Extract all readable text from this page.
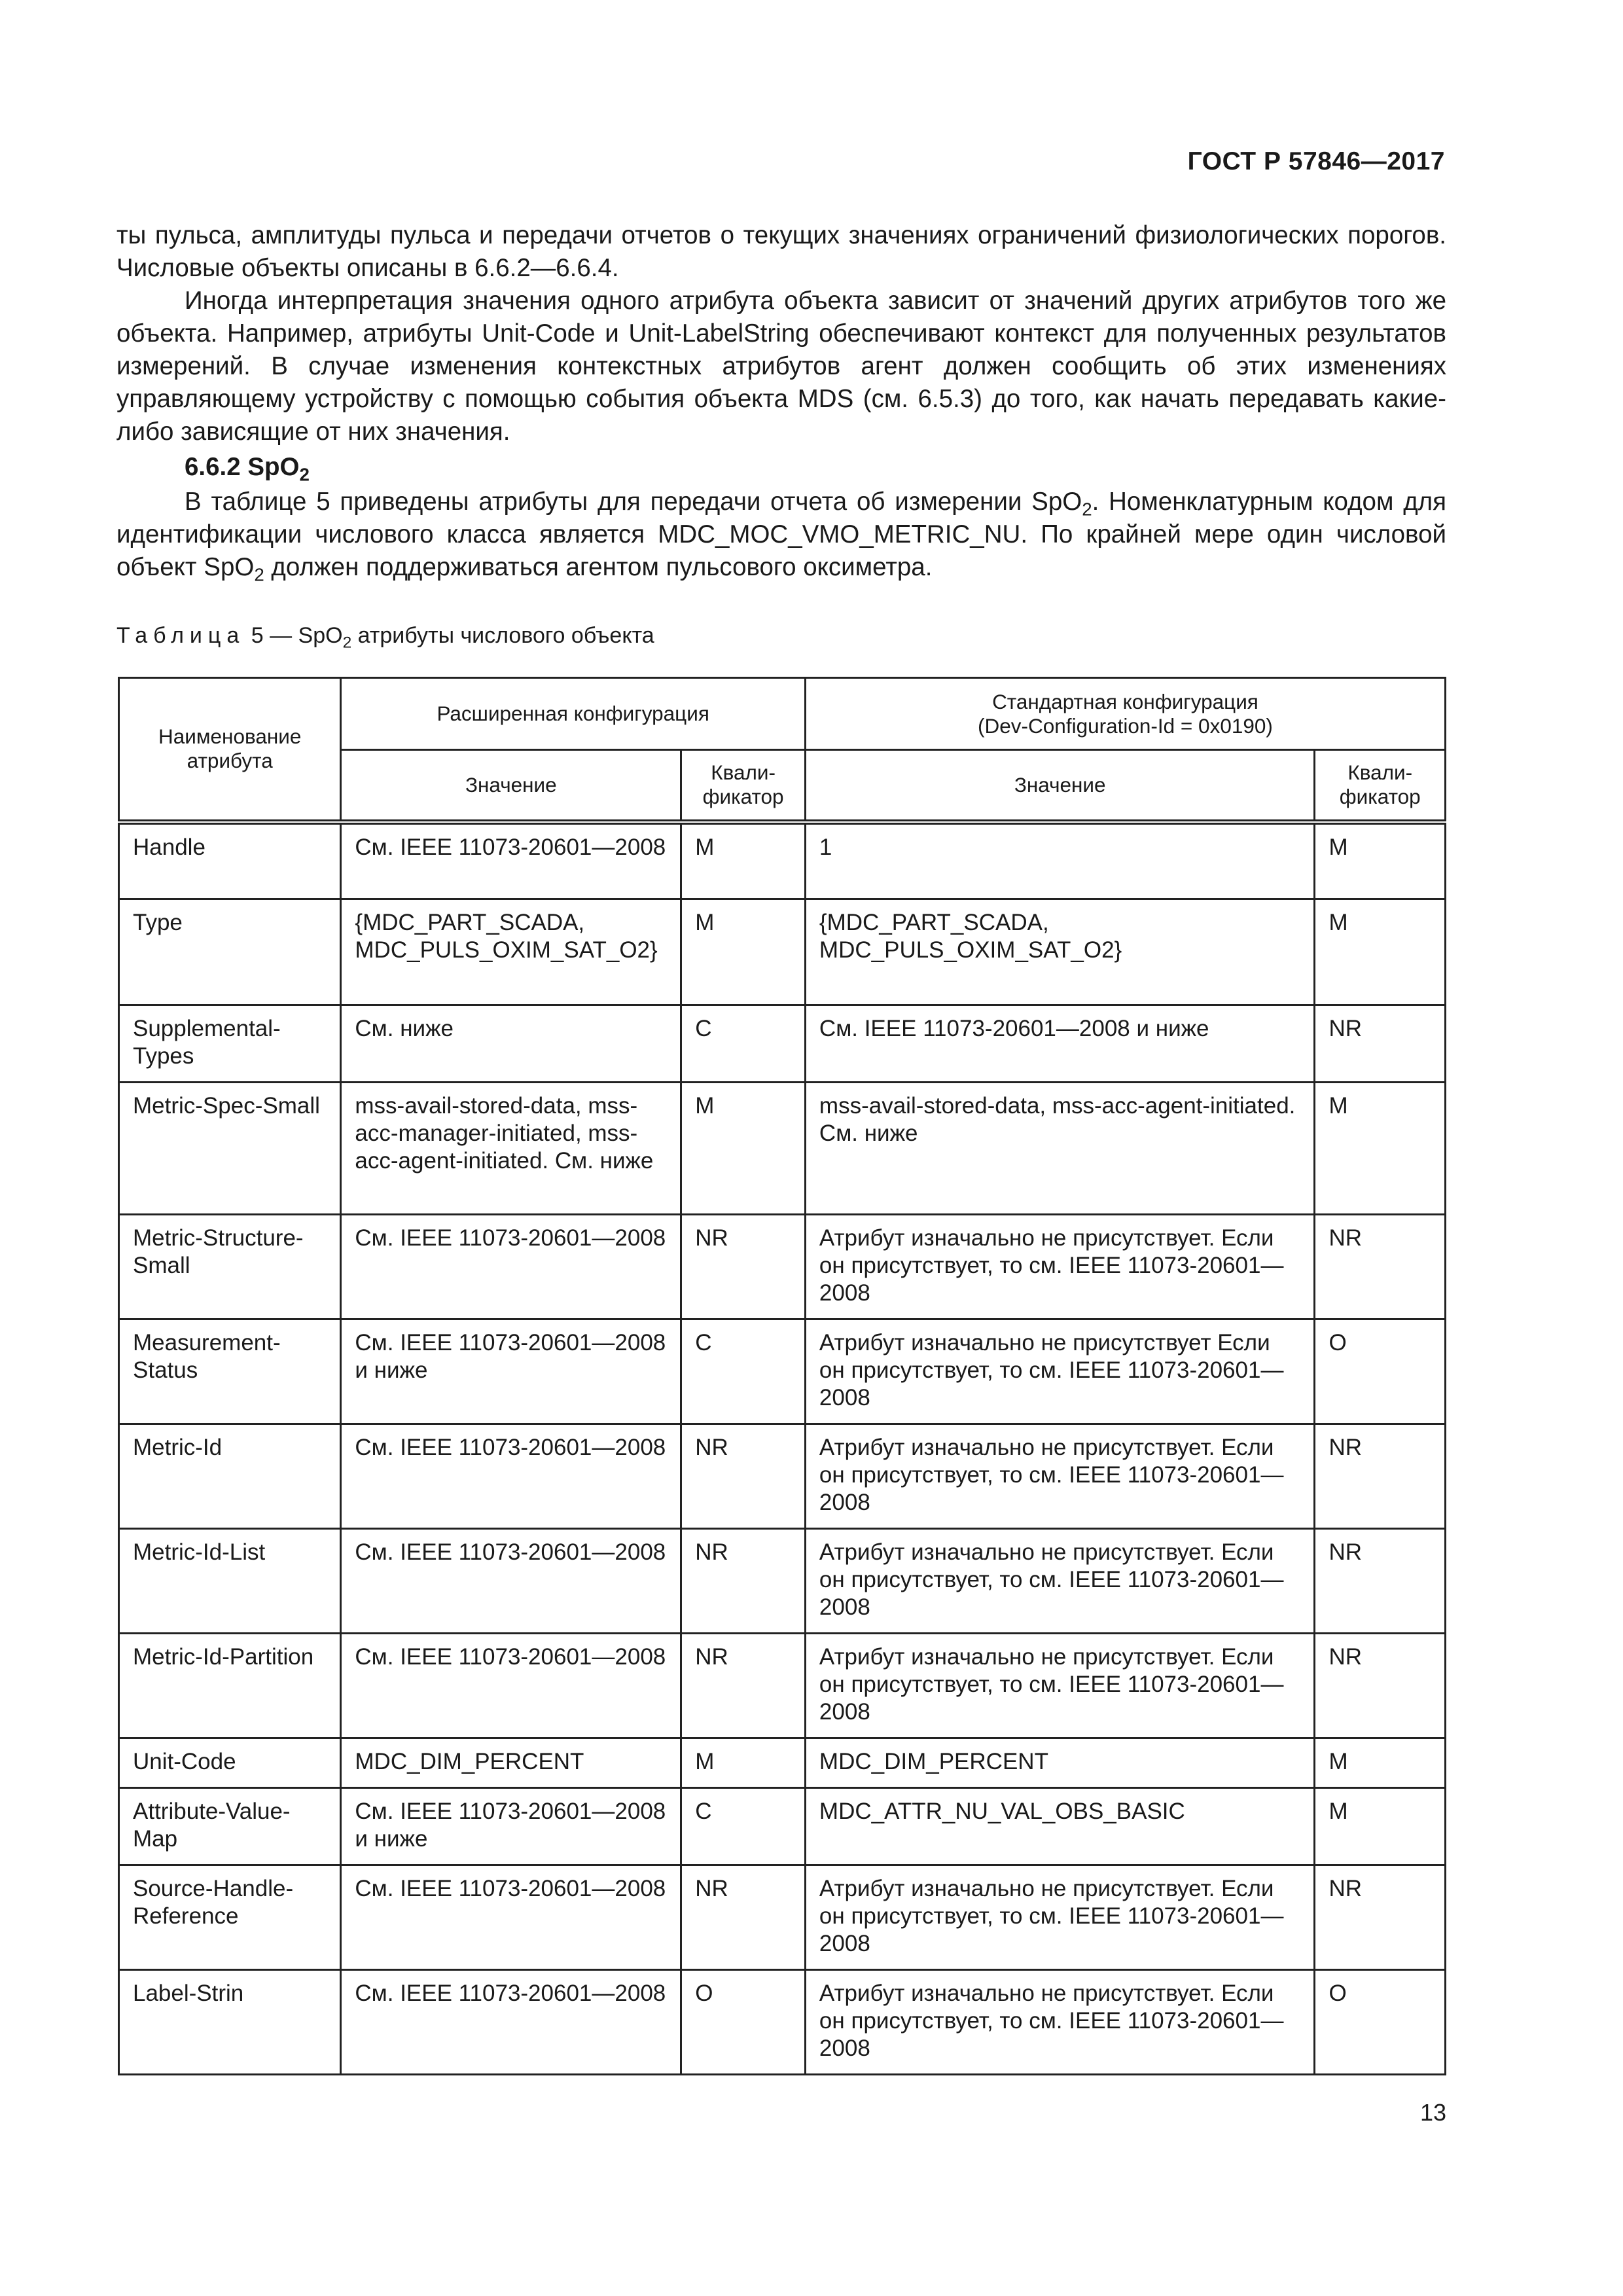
ГОСТ Р 57846—2017

ты пульса, амплитуды пульса и передачи отчетов о текущих значениях ограничений физиологических порогов. Числовые объекты описаны в 6.6.2—6.6.4.

Иногда интерпретация значения одного атрибута объекта зависит от значений других атрибутов того же объекта. Например, атрибуты Unit-Code и Unit-LabelString обеспечивают контекст для полученных результатов измерений. В случае изменения контекстных атрибутов агент должен сообщить об этих изменениях управляющему устройству с помощью события объекта MDS (см. 6.5.3) до того, как начать передавать какие-либо зависящие от них значения.

6.6.2 SpO$_2$

В таблице 5 приведены атрибуты для передачи отчета об измерении SpO$_2$. Номенклатурным кодом для идентификации числового класса является MDC_MOC_VMO_METRIC_NU. По крайней мере один числовой объект SpO$_2$ должен поддерживаться агентом пульсового оксиметра.

Таблица 5 — SpO$_2$ атрибуты числового объекта
Наименование атрибута	Расширенная конфигурация		Стандартная конфигурация
(Dev-Configuration-Id = 0x0190)	

	Значение	Квали-фикатор	Значение	Квали-фикатор
Handle	См. IEEE 11073-20601—2008	M	1	M
Type	{MDC_PART_SCADA, MDC_PULS_OXIM_SAT_O2}	M	{MDC_PART_SCADA, MDC_PULS_OXIM_SAT_O2}	M
Supplemental-Types	См. ниже	C	См. IEEE 11073-20601—2008 и ниже	NR
Metric-Spec-Small	mss-avail-stored-data, mss-acc-manager-initiated, mss-acc-agent-initiated. См. ниже	M	mss-avail-stored-data, mss-acc-agent-initiated. См. ниже	M
Metric-Structure-Small	См. IEEE 11073-20601—2008	NR	Атрибут изначально не присутствует. Если он присутствует, то см. IEEE 11073-20601—2008	NR
Measurement-Status	См. IEEE 11073-20601—2008 и ниже	C	Атрибут изначально не присутствует Если он присутствует, то см. IEEE 11073-20601—2008	O
Metric-Id	См. IEEE 11073-20601—2008	NR	Атрибут изначально не присутствует. Если он присутствует, то см. IEEE 11073-20601—2008	NR
Metric-Id-List	См. IEEE 11073-20601—2008	NR	Атрибут изначально не присутствует. Если он присутствует, то см. IEEE 11073-20601—2008	NR
Metric-Id-Partition	См. IEEE 11073-20601—2008	NR	Атрибут изначально не присутствует. Если он присутствует, то см. IEEE 11073-20601—2008	NR
Unit-Code	MDC_DIM_PERCENT	M	MDC_DIM_PERCENT	M
Attribute-Value-Map	См. IEEE 11073-20601—2008 и ниже	C	MDC_ATTR_NU_VAL_OBS_BASIC	M
Source-Handle-Reference	См. IEEE 11073-20601—2008	NR	Атрибут изначально не присутствует. Если он присутствует, то см. IEEE 11073-20601—2008	NR
Label-Strin	См. IEEE 11073-20601—2008	O	Атрибут изначально не присутствует. Если он присутствует, то см. IEEE 11073-20601—2008	O
13
